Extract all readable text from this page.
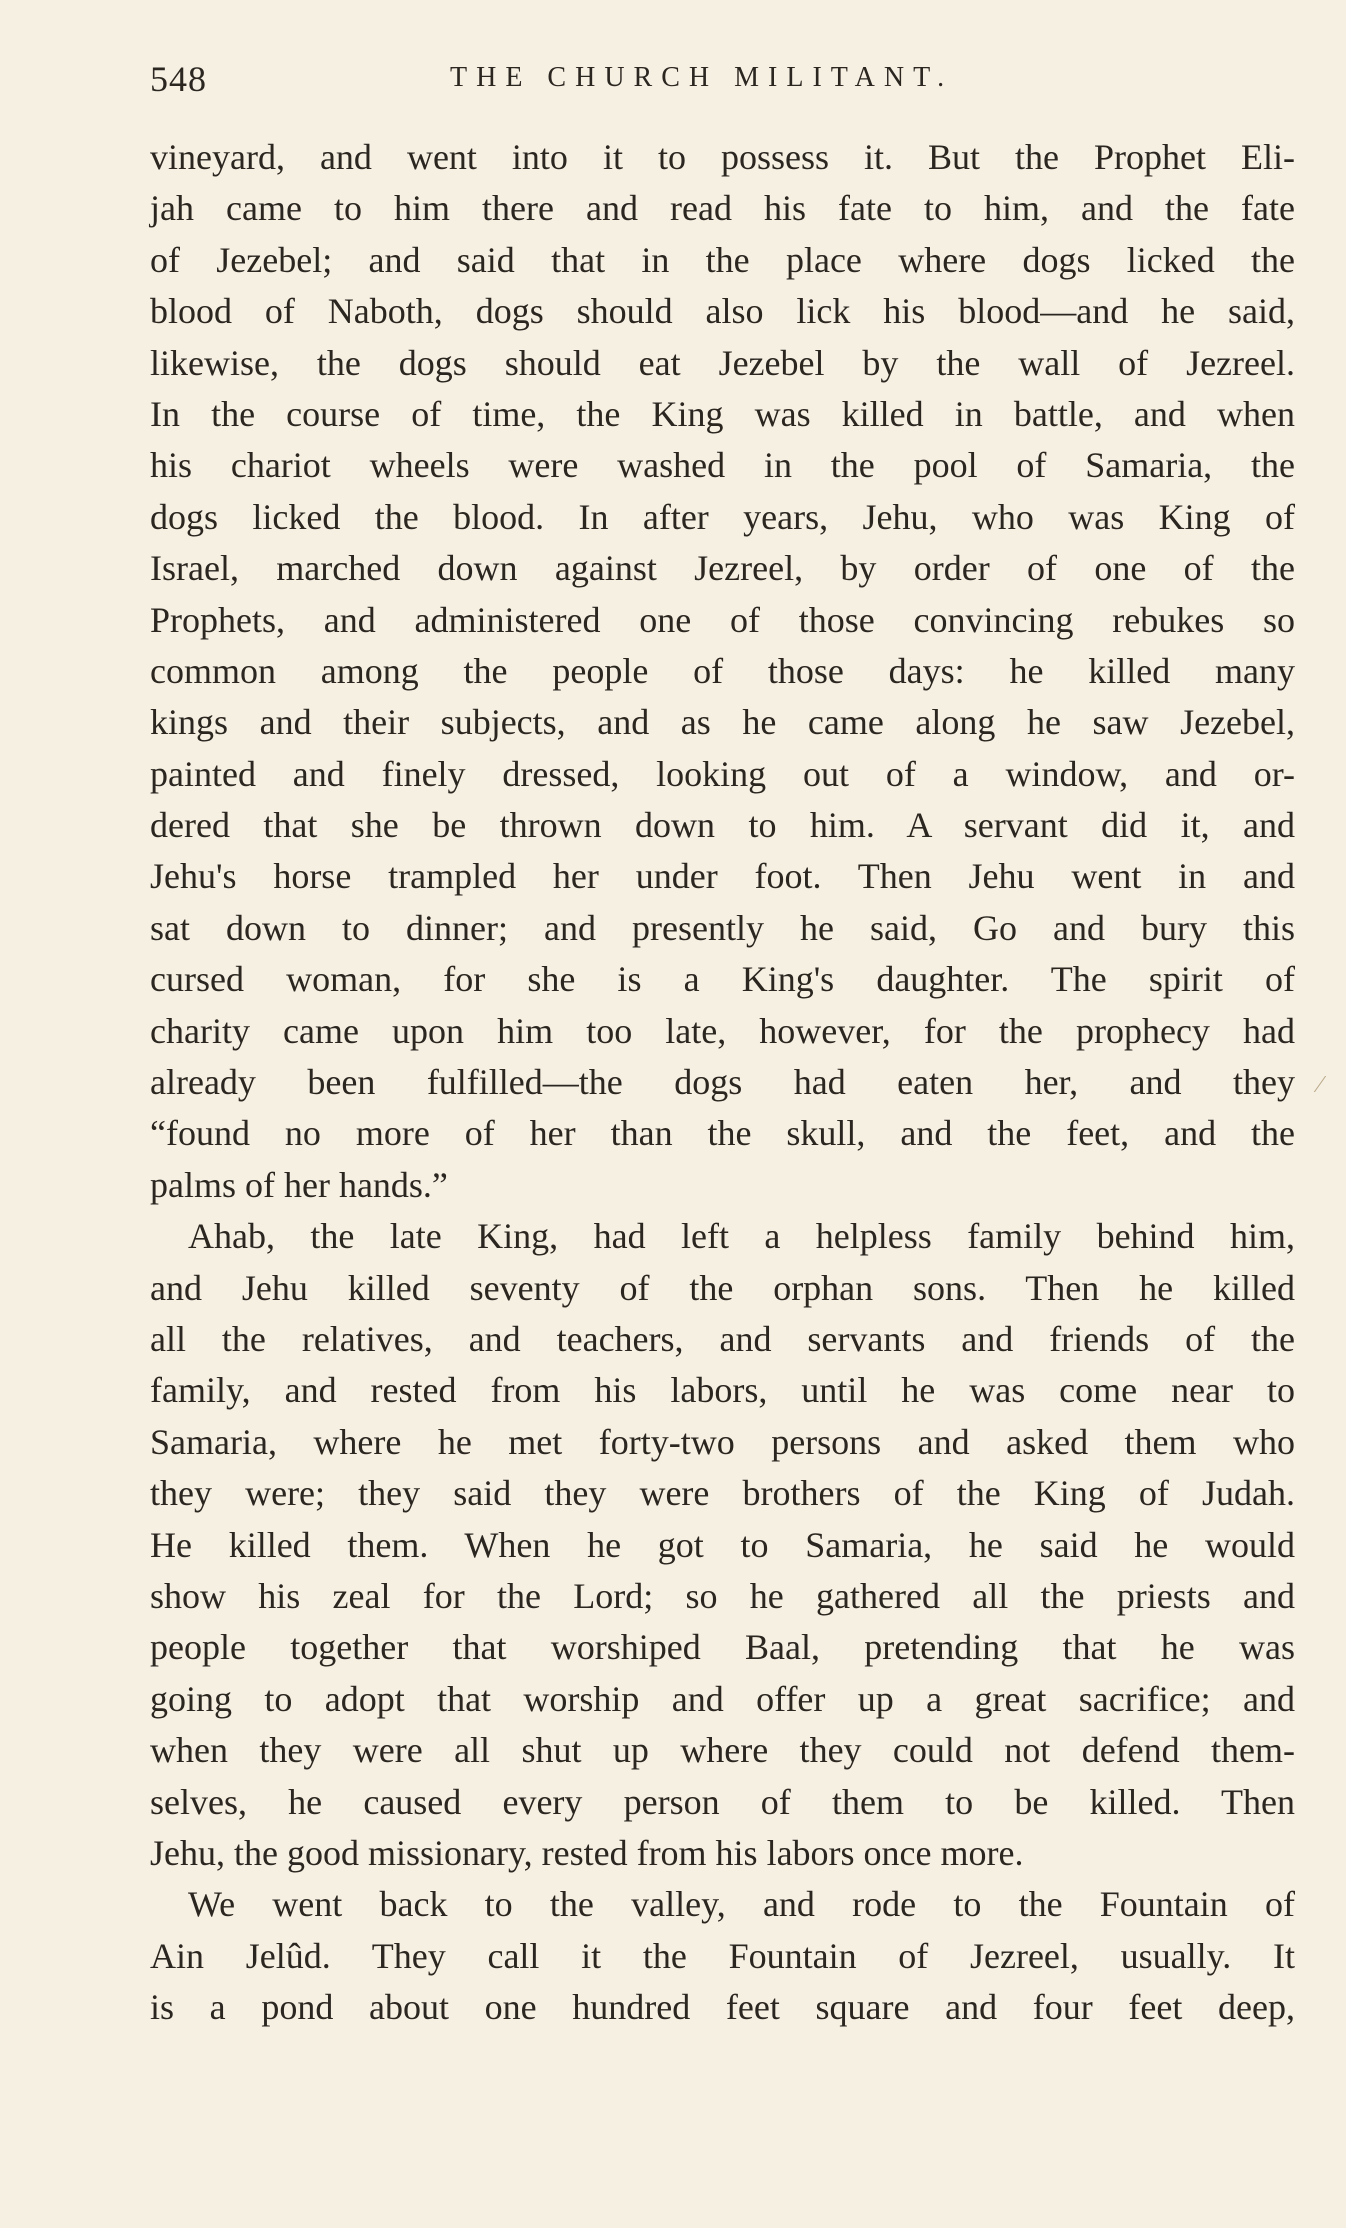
548	THE CHURCH MILITANT.
vineyard, and went into it to possess it. But the Prophet Eli-
jah came to him there and read his fate to him, and the fate
of Jezebel; and said that in the place where dogs licked the
blood of Naboth, dogs should also lick his blood—and he said,
likewise, the dogs should eat Jezebel by the wall of Jezreel.
In the course of time, the King was killed in battle, and when
his chariot wheels were washed in the pool of Samaria, the
dogs licked the blood. In after years, Jehu, who was King of
Israel, marched down against Jezreel, by order of one of the
Prophets, and administered one of those convincing rebukes so
common among the people of those days: he killed many
kings and their subjects, and as he came along he saw Jezebel,
painted and finely dressed, looking out of a window, and or-
dered that she be thrown down to him. A servant did it, and
Jehu's horse trampled her under foot. Then Jehu went in and
sat down to dinner; and presently he said, Go and bury this
cursed woman, for she is a King's daughter. The spirit of
charity came upon him too late, however, for the prophecy had
already been fulfilled—the dogs had eaten her, and they
“found no more of her than the skull, and the feet, and the
palms of her hands.”
Ahab, the late King, had left a helpless family behind him,
and Jehu killed seventy of the orphan sons. Then he killed
all the relatives, and teachers, and servants and friends of the
family, and rested from his labors, until he was come near to
Samaria, where he met forty-two persons and asked them who
they were; they said they were brothers of the King of Judah.
He killed them. When he got to Samaria, he said he would
show his zeal for the Lord; so he gathered all the priests and
people together that worshiped Baal, pretending that he was
going to adopt that worship and offer up a great sacrifice; and
when they were all shut up where they could not defend them-
selves, he caused every person of them to be killed. Then
Jehu, the good missionary, rested from his labors once more.
We went back to the valley, and rode to the Fountain of
Ain Jelûd. They call it the Fountain of Jezreel, usually. It
is a pond about one hundred feet square and four feet deep,
⁄
